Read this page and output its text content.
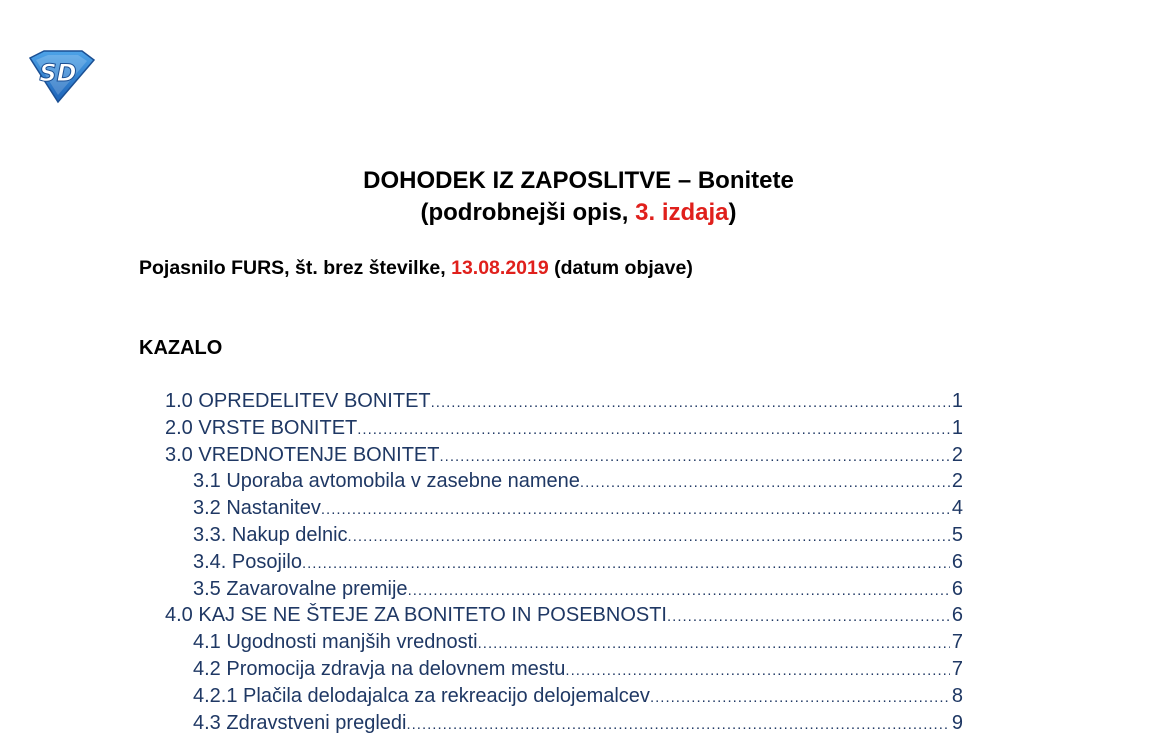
SD
DOHODEK IZ ZAPOSLITVE – Bonitete
(podrobnejši opis, 3. izdaja)
Pojasnilo FURS, št. brez številke, 13.08.2019 (datum objave)
KAZALO
1.0 OPREDELITEV BONITET .....	1
2.0 VRSTE BONITET .....	1
3.0 VREDNOTENJE BONITET .....	2
3.1 Uporaba avtomobila v zasebne namene .....	2
3.2 Nastanitev .....	4
3.3. Nakup delnic .....	5
3.4. Posojilo .....	6
3.5 Zavarovalne premije .....	6
4.0 KAJ SE NE ŠTEJE ZA BONITETO IN POSEBNOSTI .....	6
4.1 Ugodnosti manjših vrednosti .....	7
4.2 Promocija zdravja na delovnem mestu .....	7
4.2.1 Plačila delodajalca za rekreacijo delojemalcev .....	8
4.3 Zdravstveni pregledi .....	9
